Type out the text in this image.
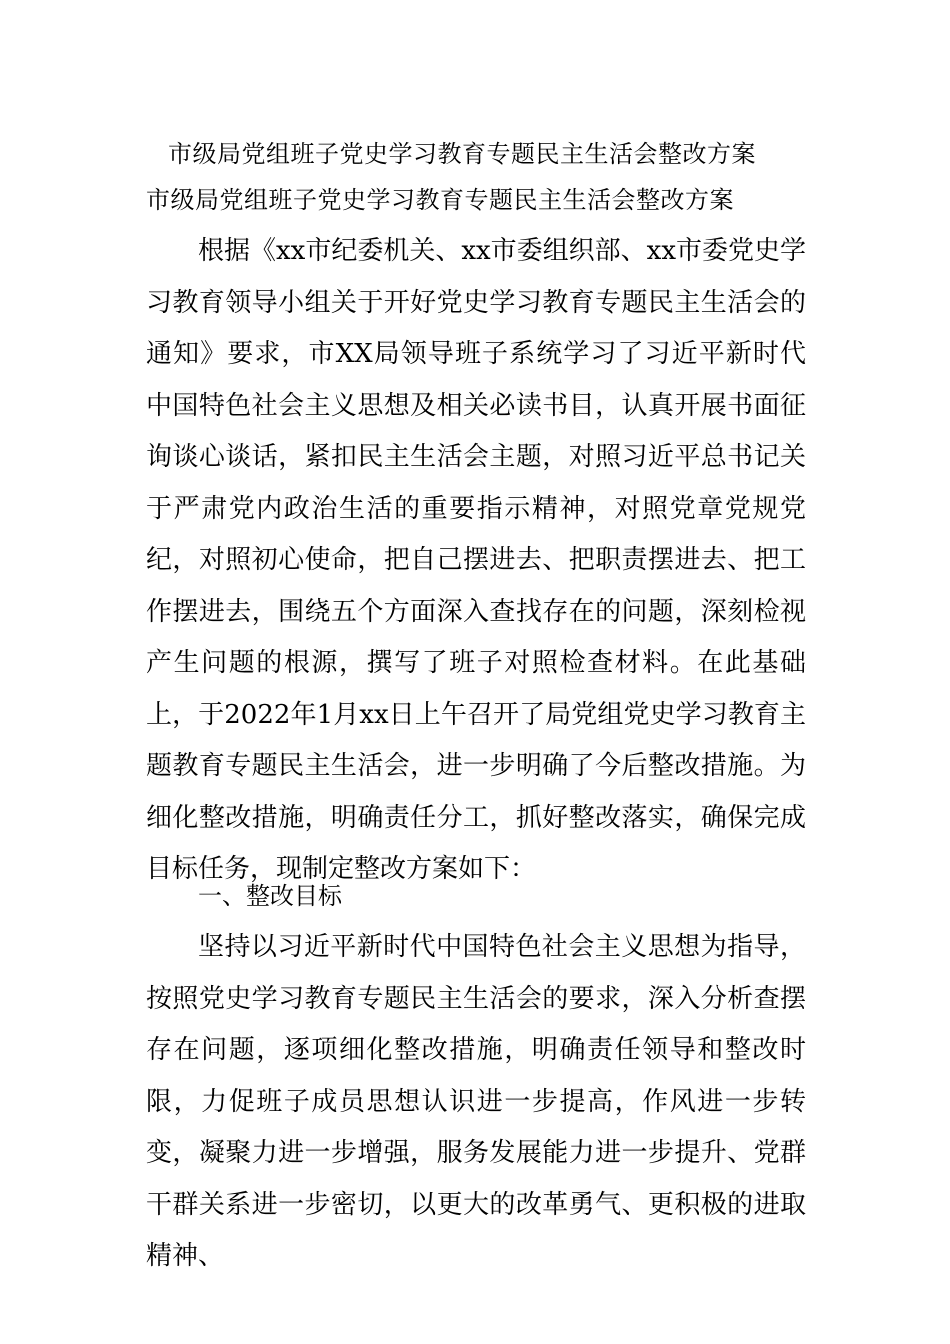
市级局党组班子党史学习教育专题民主生活会整改方案
市级局党组班子党史学习教育专题民主生活会整改方案

根据《xx市纪委机关、xx市委组织部、xx市委党史学习教育领导小组关于开好党史学习教育专题民主生活会的通知》要求，市XX局领导班子系统学习了习近平新时代中国特色社会主义思想及相关必读书目，认真开展书面征询谈心谈话，紧扣民主生活会主题，对照习近平总书记关于严肃党内政治生活的重要指示精神，对照党章党规党纪，对照初心使命，把自己摆进去、把职责摆进去、把工作摆进去，围绕五个方面深入查找存在的问题，深刻检视产生问题的根源，撰写了班子对照检查材料。在此基础上，于2022年1月xx日上午召开了局党组党史学习教育主题教育专题民主生活会，进一步明确了今后整改措施。为细化整改措施，明确责任分工，抓好整改落实，确保完成目标任务，现制定整改方案如下：

一、整改目标

坚持以习近平新时代中国特色社会主义思想为指导，按照党史学习教育专题民主生活会的要求，深入分析查摆存在问题，逐项细化整改措施，明确责任领导和整改时限，力促班子成员思想认识进一步提高，作风进一步转变，凝聚力进一步增强，服务发展能力进一步提升、党群干群关系进一步密切，以更大的改革勇气、更积极的进取精神、
